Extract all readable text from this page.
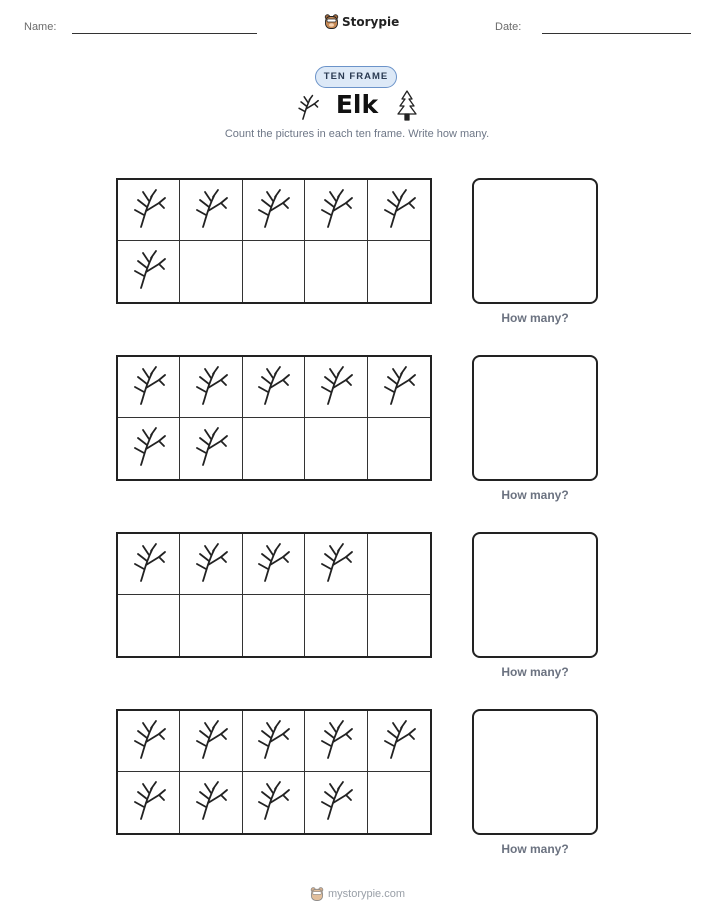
Name:	Storypie	Date:
TEN FRAME
Elk
Count the pictures in each ten frame. Write how many.
How many?
How many?
How many?
How many?
mystorypie.com
